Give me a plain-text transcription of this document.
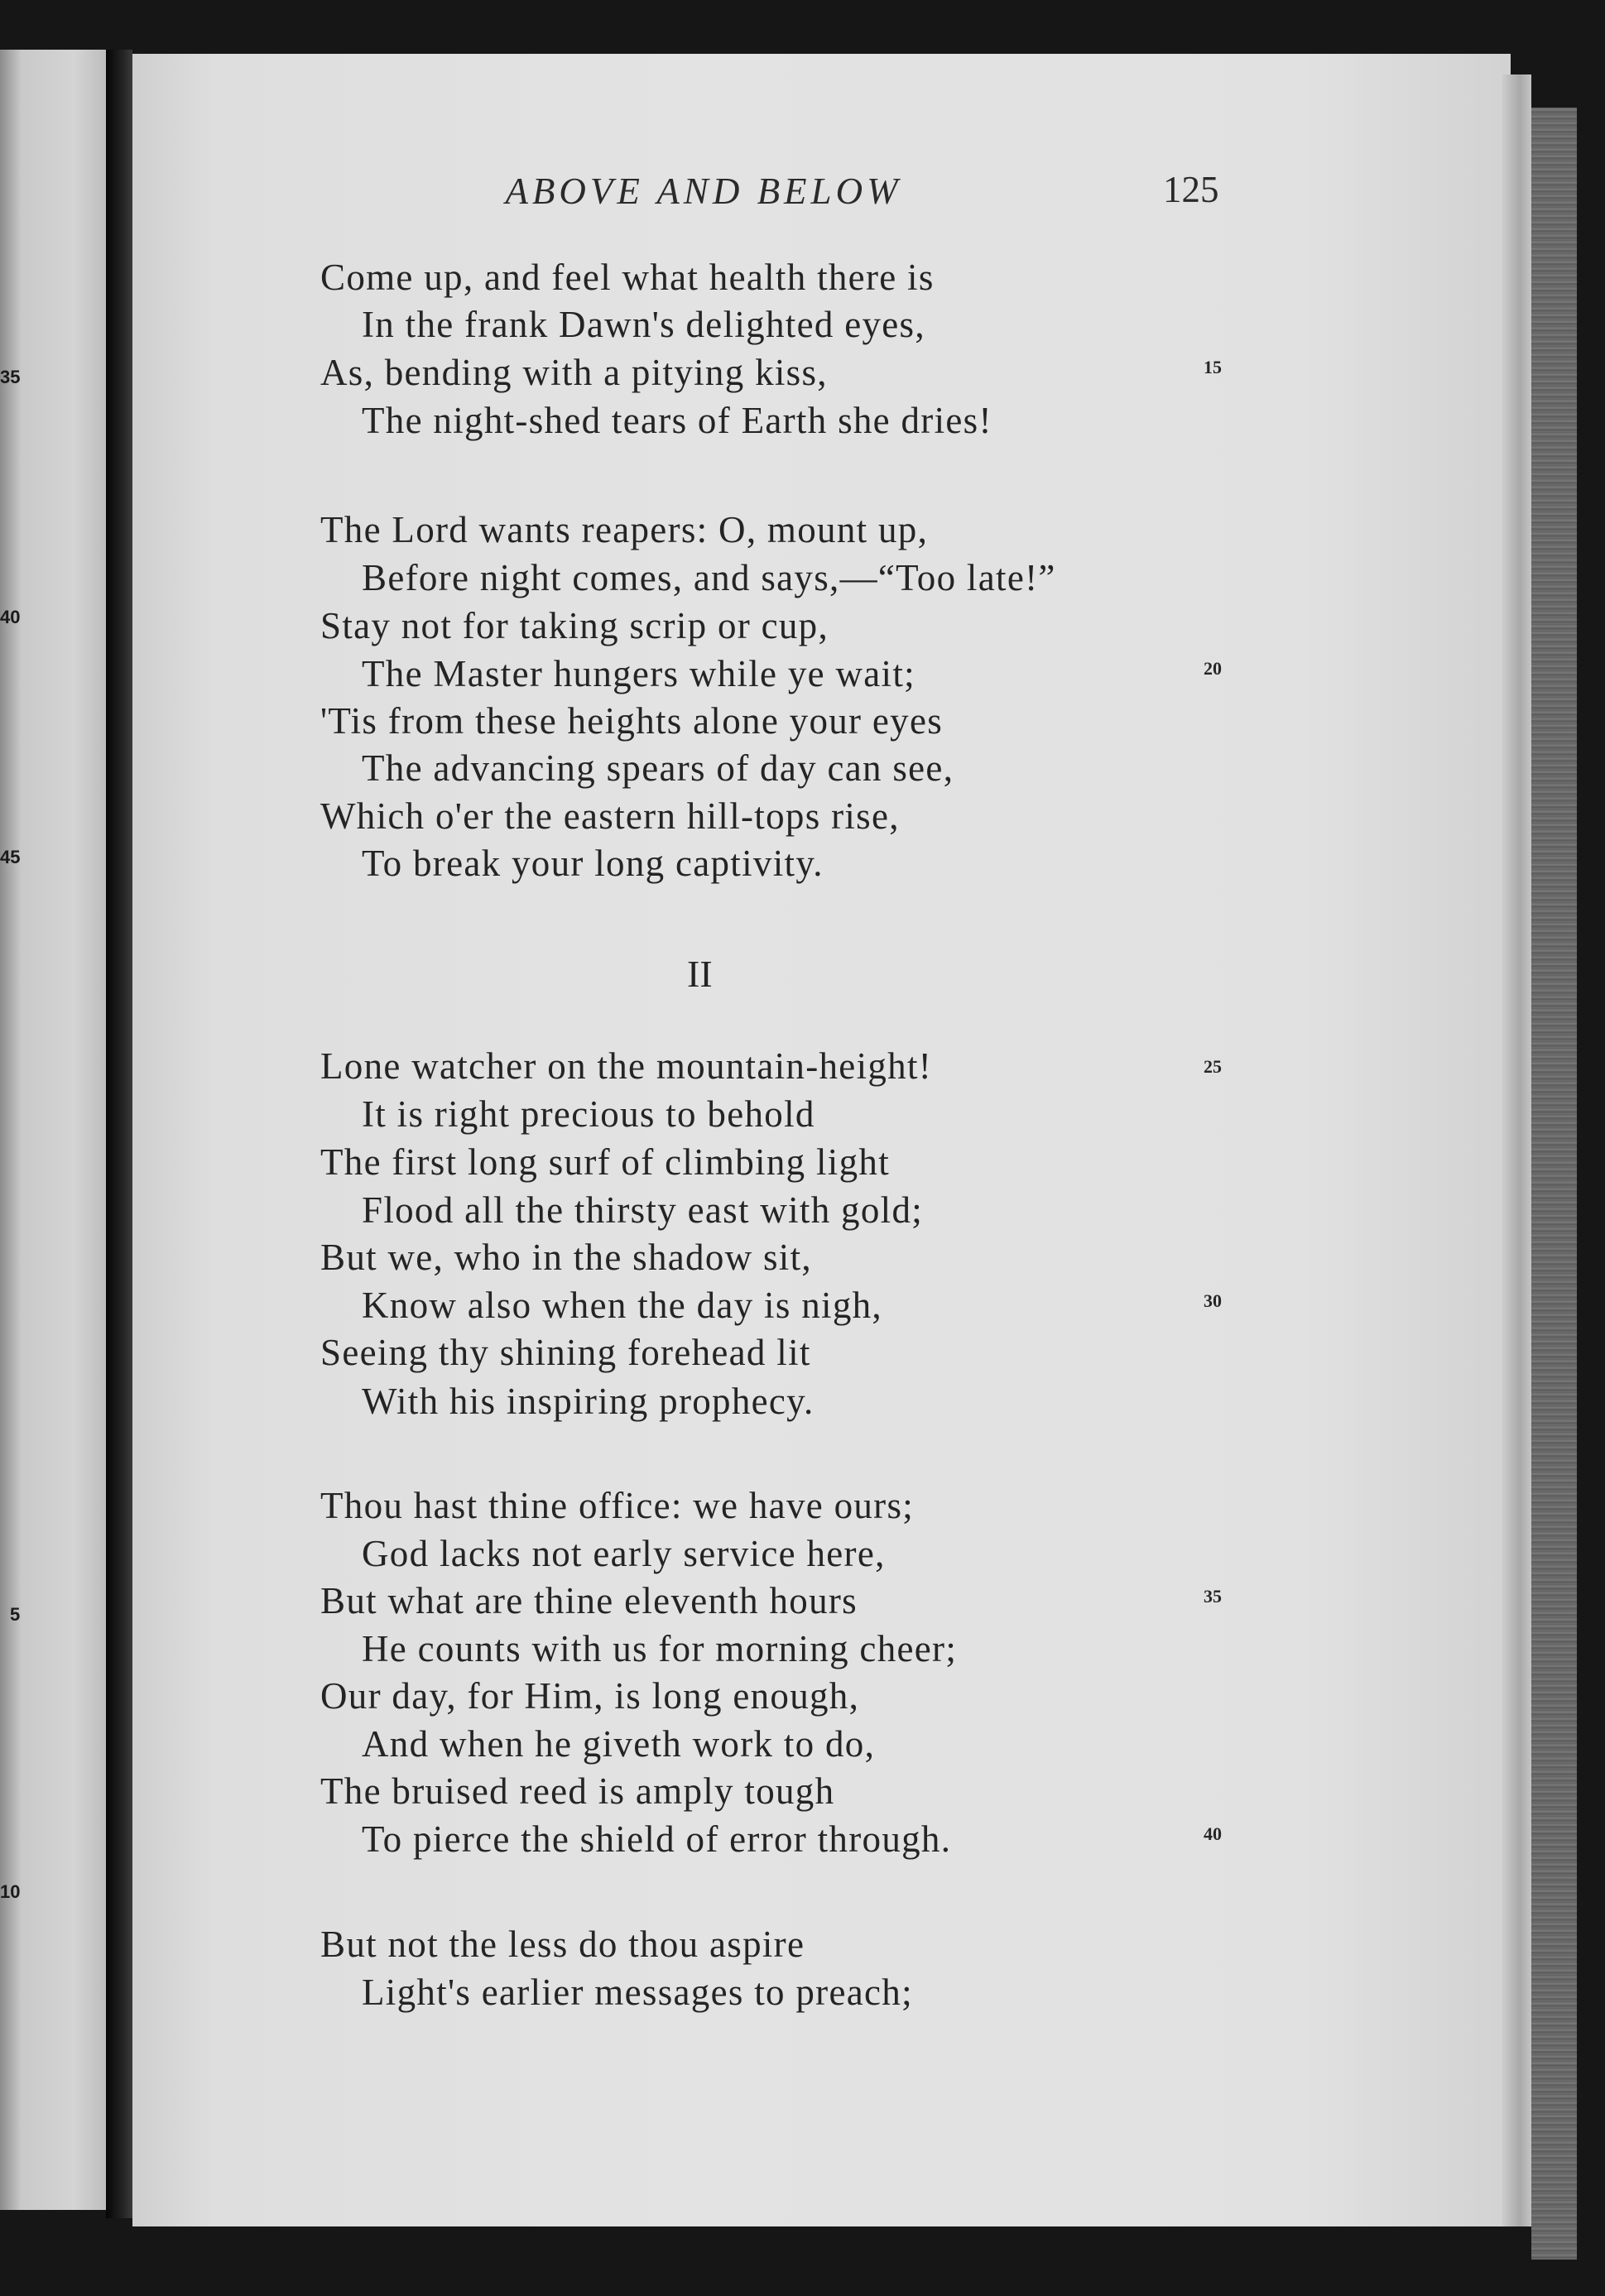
35
40
45
5
10
ABOVE AND BELOW	125
Come up, and feel what health there is
In the frank Dawn's delighted eyes,
As, bending with a pitying kiss,
The night-shed tears of Earth she dries!
The Lord wants reapers: O, mount up,
Before night comes, and says,—“Too late!”
Stay not for taking scrip or cup,
The Master hungers while ye wait;
'Tis from these heights alone your eyes
The advancing spears of day can see,
Which o'er the eastern hill-tops rise,
To break your long captivity.
II
Lone watcher on the mountain-height!
It is right precious to behold
The first long surf of climbing light
Flood all the thirsty east with gold;
But we, who in the shadow sit,
Know also when the day is nigh,
Seeing thy shining forehead lit
With his inspiring prophecy.
Thou hast thine office: we have ours;
God lacks not early service here,
But what are thine eleventh hours
He counts with us for morning cheer;
Our day, for Him, is long enough,
And when he giveth work to do,
The bruised reed is amply tough
To pierce the shield of error through.
But not the less do thou aspire
Light's earlier messages to preach;
15
20
25
30
35
40
